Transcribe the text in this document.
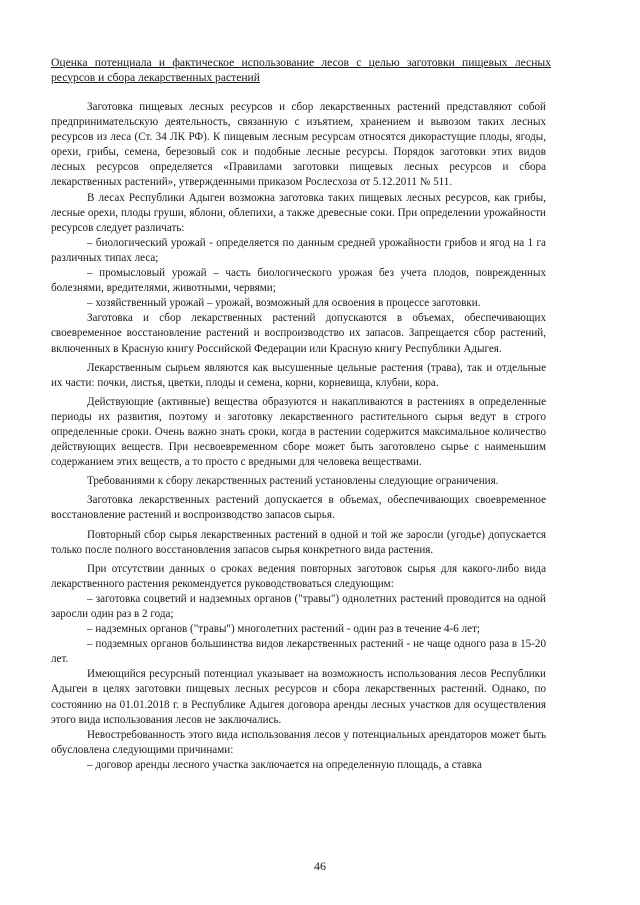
Оценка потенциала и фактическое использование лесов с целью заготовки пищевых лесных ресурсов и сбора лекарственных растений

Заготовка пищевых лесных ресурсов и сбор лекарственных растений представляют собой предпринимательскую деятельность, связанную с изъятием, хранением и вывозом таких лесных ресурсов из леса (Ст. 34 ЛК РФ). К пищевым лесным ресурсам относятся дикорастущие плоды, ягоды, орехи, грибы, семена, березовый сок и подобные лесные ресурсы. Порядок заготовки этих видов лесных ресурсов определяется «Правилами заготовки пищевых лесных ресурсов и сбора лекарственных растений», утвержденными приказом Рослесхоза от 5.12.2011 № 511.

В лесах Республики Адыгеи возможна заготовка таких пищевых лесных ресурсов, как грибы, лесные орехи, плоды груши, яблони, облепихи, а также древесные соки. При определении урожайности ресурсов следует различать:

– биологический урожай - определяется по данным средней урожайности грибов и ягод на 1 га различных типах леса;

– промысловый урожай – часть биологического урожая без учета плодов, поврежденных болезнями, вредителями, животными, червями;

– хозяйственный урожай – урожай, возможный для освоения в процессе заготовки.

Заготовка и сбор лекарственных растений допускаются в объемах, обеспечивающих своевременное восстановление растений и воспроизводство их запасов. Запрещается сбор растений, включенных в Красную книгу Российской Федерации или Красную книгу Республики Адыгея.

Лекарственным сырьем являются как высушенные цельные растения (трава), так и отдельные их части: почки, листья, цветки, плоды и семена, корни, корневища, клубни, кора.

Действующие (активные) вещества образуются и накапливаются в растениях в определенные периоды их развития, поэтому и заготовку лекарственного растительного сырья ведут в строго определенные сроки. Очень важно знать сроки, когда в растении содержится максимальное количество действующих веществ. При несвоевременном сборе может быть заготовлено сырье с наименьшим содержанием этих веществ, а то просто с вредными для человека веществами.

Требованиями к сбору лекарственных растений установлены следующие ограничения.

Заготовка лекарственных растений допускается в объемах, обеспечивающих своевременное восстановление растений и воспроизводство запасов сырья.

Повторный сбор сырья лекарственных растений в одной и той же заросли (угодье) допускается только после полного восстановления запасов сырья конкретного вида растения.

При отсутствии данных о сроках ведения повторных заготовок сырья для какого-либо вида лекарственного растения рекомендуется руководствоваться следующим:

– заготовка соцветий и надземных органов ("травы") однолетних растений проводится на одной заросли один раз в 2 года;

– надземных органов ("травы") многолетних растений - один раз в течение 4-6 лет;

– подземных органов большинства видов лекарственных растений - не чаще одного раза в 15-20 лет.

Имеющийся ресурсный потенциал указывает на возможность использования лесов Республики Адыгеи в целях заготовки пищевых лесных ресурсов и сбора лекарственных растений. Однако, по состоянию на 01.01.2018 г. в Республике Адыгея договора аренды лесных участков для осуществления этого вида использования лесов не заключались.

Невостребованность этого вида использования лесов у потенциальных арендаторов может быть обусловлена следующими причинами:

– договор аренды лесного участка заключается на определенную площадь, а ставка

46
